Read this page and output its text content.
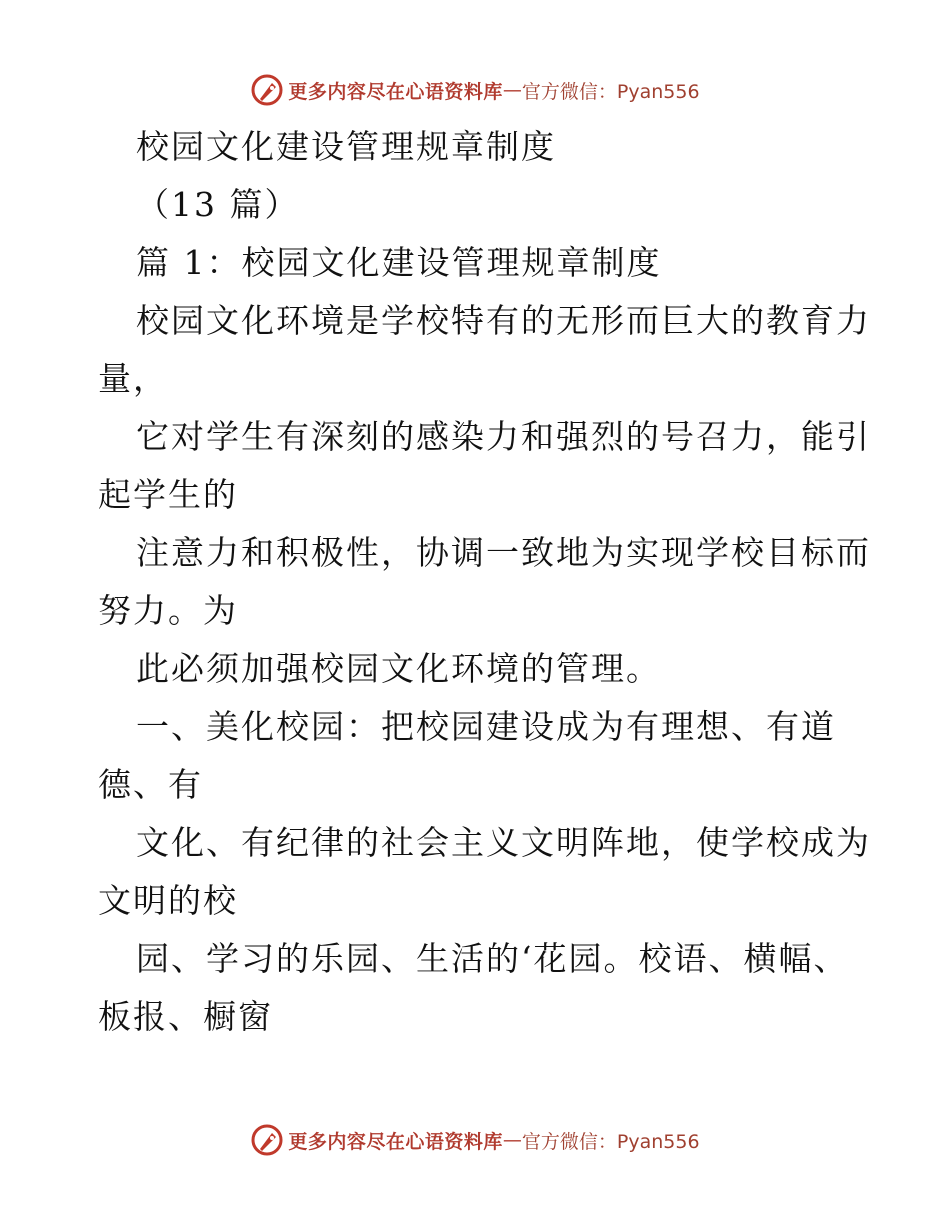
更多内容尽在心语资料库 — 官方微信：Pyan556
校园文化建设管理规章制度
（13 篇）
篇 1：校园文化建设管理规章制度
校园文化环境是学校特有的无形而巨大的教育力
量，
它对学生有深刻的感染力和强烈的号召力，能引
起学生的
注意力和积极性，协调一致地为实现学校目标而
努力。为
此必须加强校园文化环境的管理。
一、美化校园：把校园建设成为有理想、有道
德、有
文化、有纪律的社会主义文明阵地，使学校成为
文明的校
园、学习的乐园、生活的‘花园。校语、横幅、
板报、橱窗
更多内容尽在心语资料库 — 官方微信：Pyan556
